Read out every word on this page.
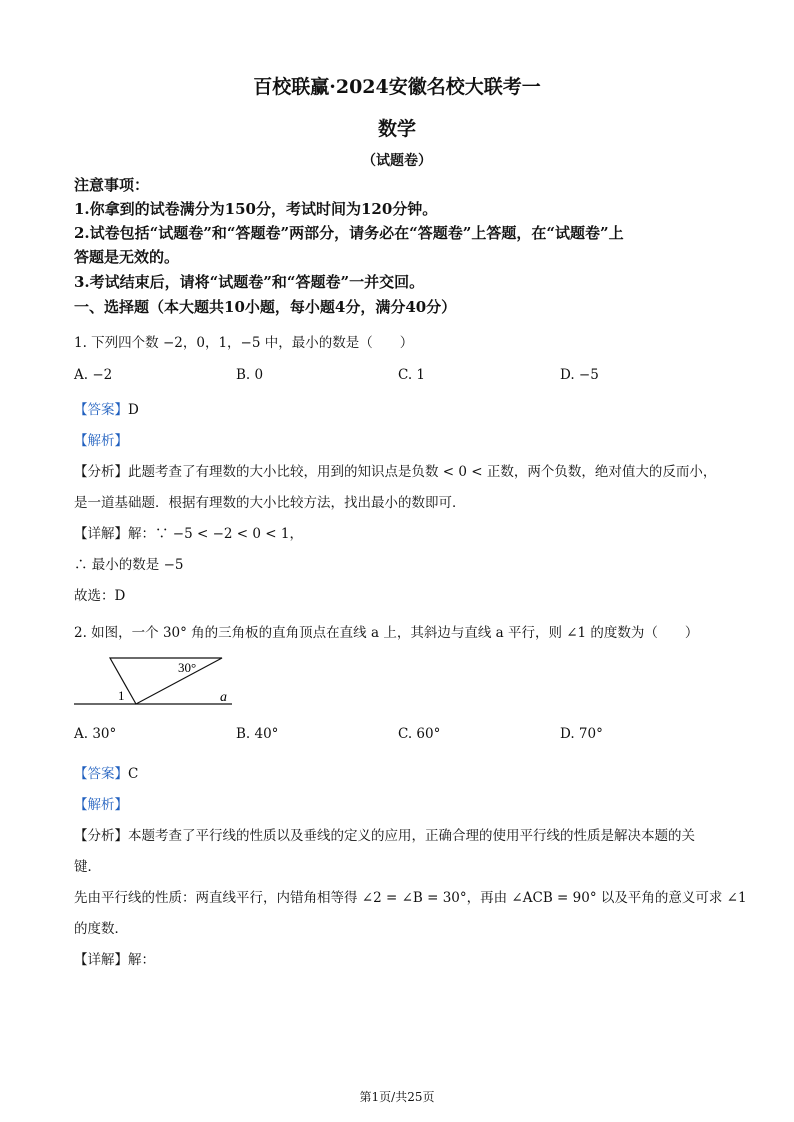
百校联赢·2024安徽名校大联考一
数学
（试题卷）
注意事项：
1.你拿到的试卷满分为150分，考试时间为120分钟。
2.试卷包括“试题卷”和“答题卷”两部分，请务必在“答题卷”上答题，在“试题卷”上
答题是无效的。
3.考试结束后，请将“试题卷”和“答题卷”一并交回。
一、选择题（本大题共10小题，每小题4分，满分40分）
1. 下列四个数 −2，0，1，−5 中，最小的数是（　　）
A. −2	B. 0	C. 1	D. −5
【答案】D
【解析】
【分析】此题考查了有理数的大小比较，用到的知识点是负数 < 0 < 正数，两个负数，绝对值大的反而小，
是一道基础题．根据有理数的大小比较方法，找出最小的数即可．
【详解】解：∵ −5 < −2 < 0 < 1，
∴ 最小的数是 −5
故选：D
2. 如图，一个 30° 角的三角板的直角顶点在直线 a 上，其斜边与直线 a 平行，则 ∠1 的度数为（　　）
30°
1	a
A. 30°	B. 40°	C. 60°	D. 70°
【答案】C
【解析】
【分析】本题考查了平行线的性质以及垂线的定义的应用，正确合理的使用平行线的性质是解决本题的关
键．
先由平行线的性质：两直线平行，内错角相等得 ∠2 = ∠B = 30°，再由 ∠ACB = 90° 以及平角的意义可求 ∠1
的度数．
【详解】解：
第1页/共25页
